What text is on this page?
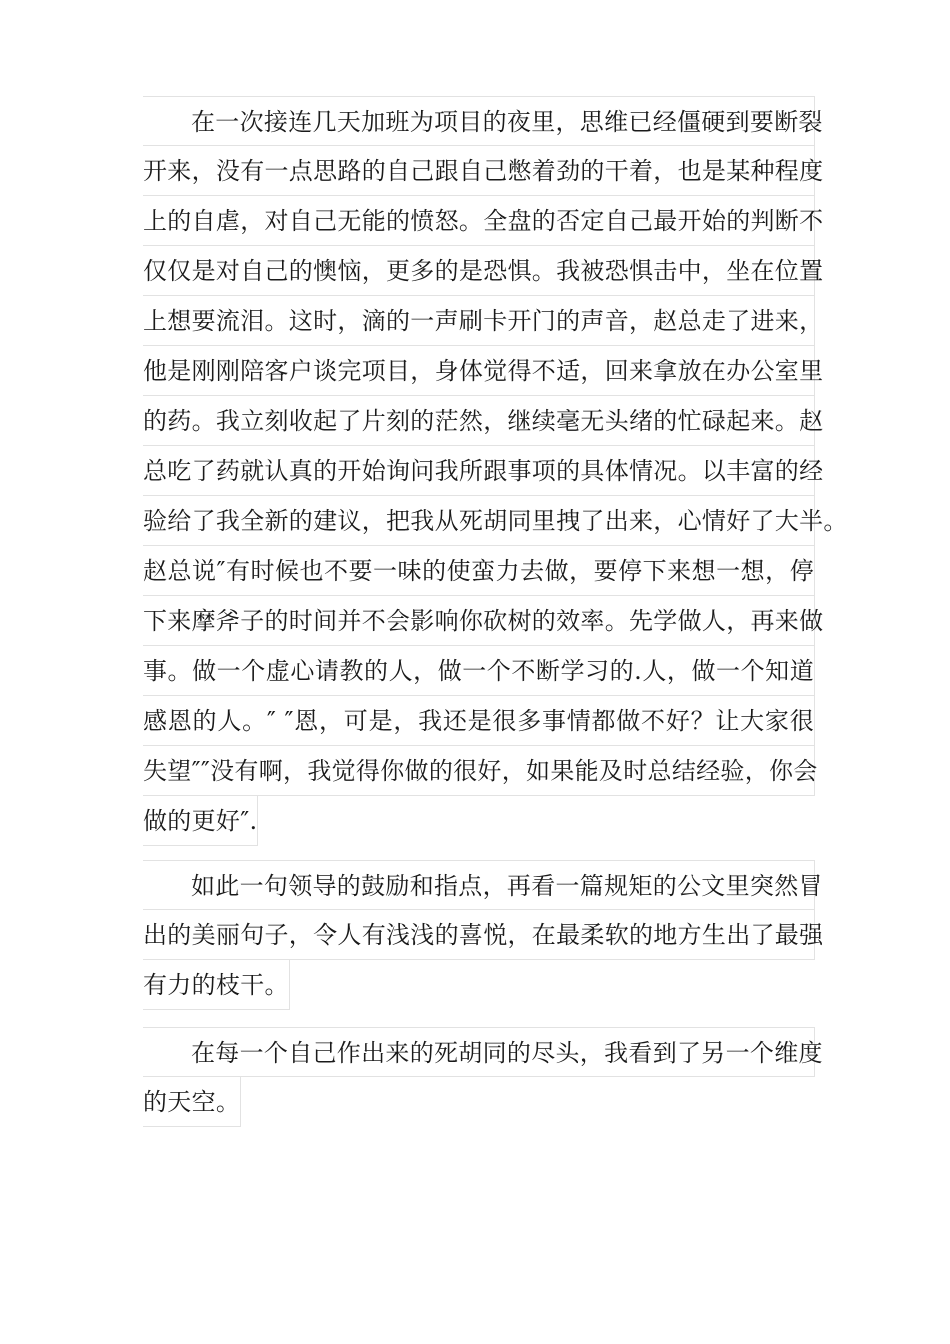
在一次接连几天加班为项目的夜里，思维已经僵硬到要断裂
开来，没有一点思路的自己跟自己憋着劲的干着，也是某种程度
上的自虐，对自己无能的愤怒。全盘的否定自己最开始的判断不
仅仅是对自己的懊恼，更多的是恐惧。我被恐惧击中，坐在位置
上想要流泪。这时，滴的一声刷卡开门的声音，赵总走了进来，
他是刚刚陪客户谈完项目，身体觉得不适，回来拿放在办公室里
的药。我立刻收起了片刻的茫然，继续毫无头绪的忙碌起来。赵
总吃了药就认真的开始询问我所跟事项的具体情况。以丰富的经
验给了我全新的建议，把我从死胡同里拽了出来，心情好了大半。
赵总说″有时候也不要一味的使蛮力去做，要停下来想一想，停
下来摩斧子的时间并不会影响你砍树的效率。先学做人，再来做
事。做一个虚心请教的人，做一个不断学习的.人，做一个知道
感恩的人。″ ″恩，可是，我还是很多事情都做不好？让大家很
失望″″没有啊，我觉得你做的很好，如果能及时总结经验，你会
做的更好″.
如此一句领导的鼓励和指点，再看一篇规矩的公文里突然冒
出的美丽句子，令人有浅浅的喜悦，在最柔软的地方生出了最强
有力的枝干。
在每一个自己作出来的死胡同的尽头，我看到了另一个维度
的天空。
